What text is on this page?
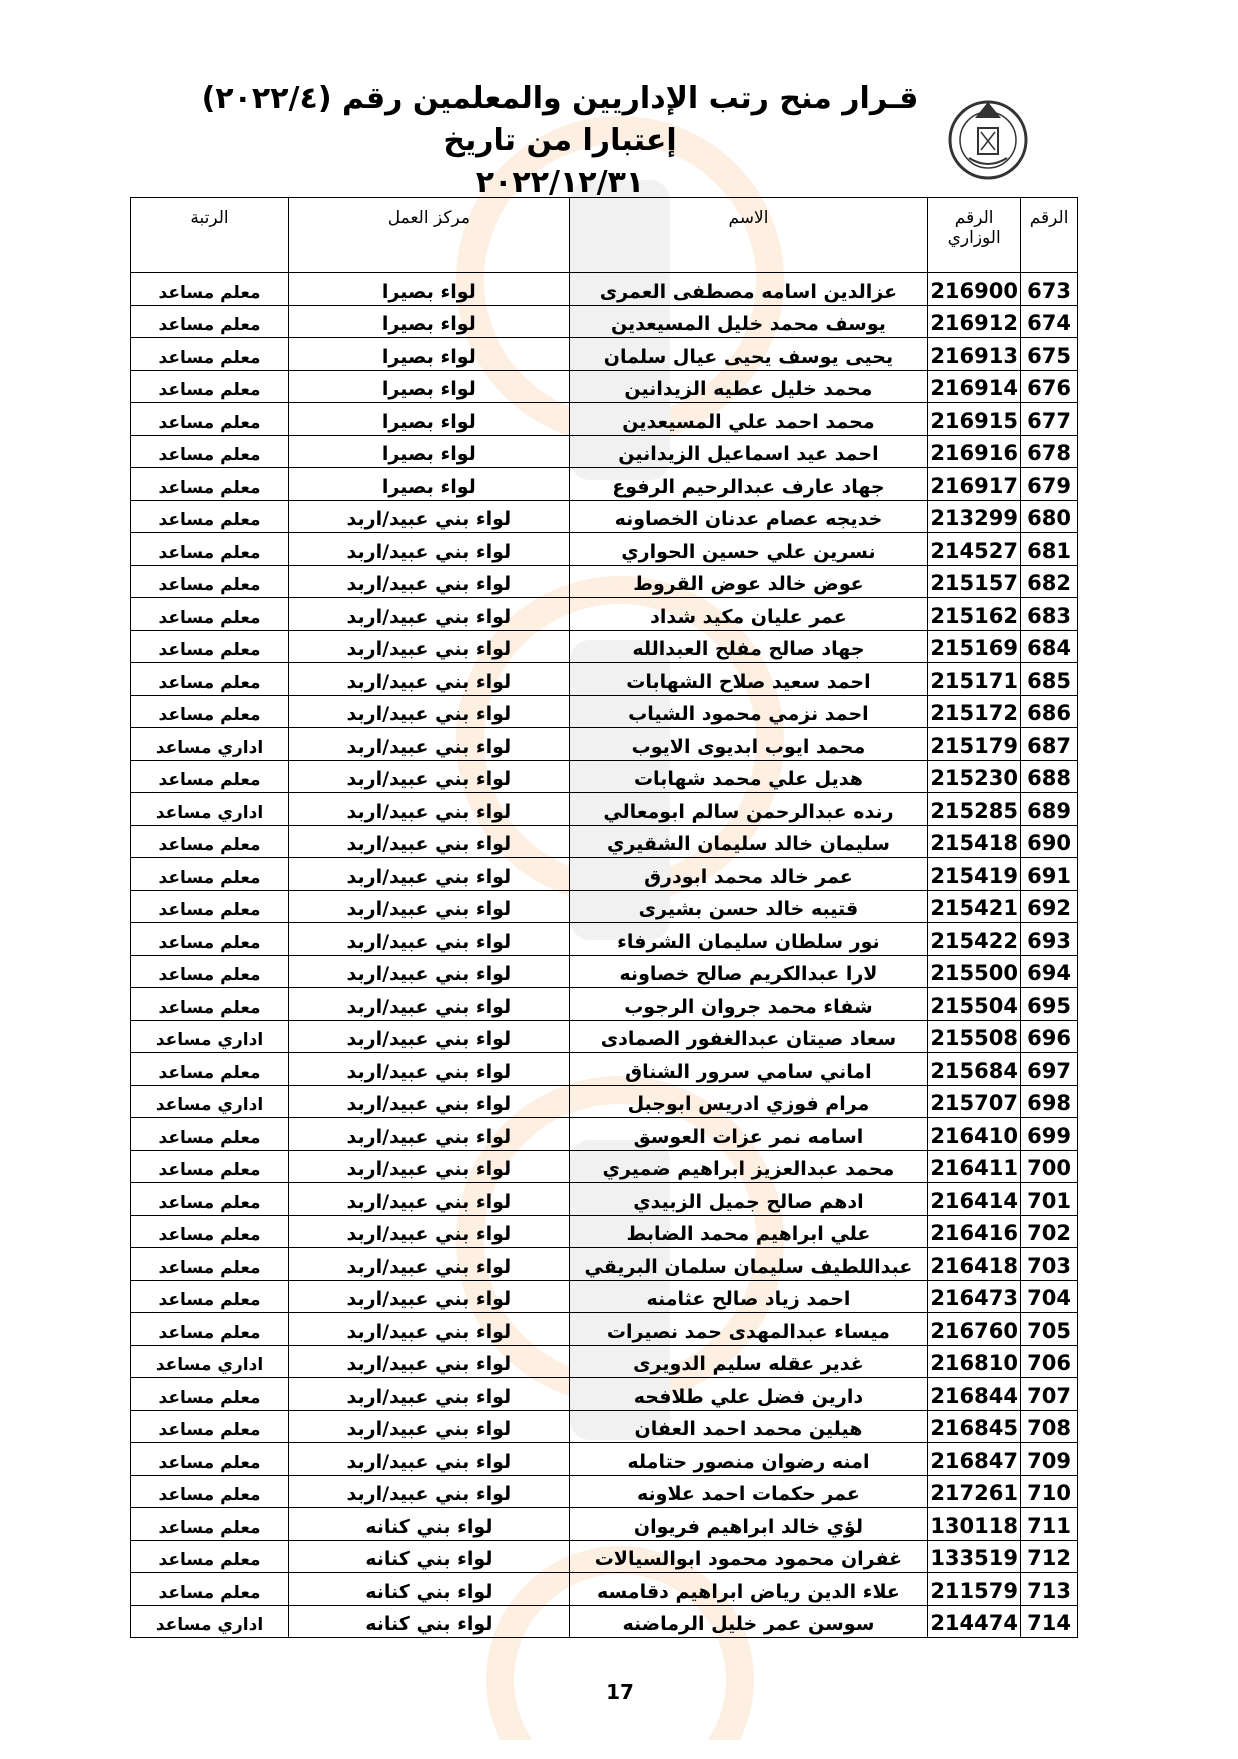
قـرار منح رتب الإداريين والمعلمين رقم (٢٠٢٢/٤) إعتبارا من تاريخ
٢٠٢٢/١٢/٣١
الرقم	الرقم الوزاري	الاسم	مركز العمل	الرتبة
673	216900	عزالدين اسامه مصطفى العمرى	لواء بصيرا	معلم مساعد
674	216912	يوسف محمد خليل المسيعدين	لواء بصيرا	معلم مساعد
675	216913	يحيى يوسف يحيى عيال سلمان	لواء بصيرا	معلم مساعد
676	216914	محمد خليل عطيه الزيدانين	لواء بصيرا	معلم مساعد
677	216915	محمد احمد علي المسيعدين	لواء بصيرا	معلم مساعد
678	216916	احمد عيد اسماعيل الزيدانين	لواء بصيرا	معلم مساعد
679	216917	جهاد عارف عبدالرحيم الرفوع	لواء بصيرا	معلم مساعد
680	213299	خديجه عصام عدنان الخصاونه	لواء بني عبيد/اربد	معلم مساعد
681	214527	نسرين علي حسين الحواري	لواء بني عبيد/اربد	معلم مساعد
682	215157	عوض خالد عوض القروط	لواء بني عبيد/اربد	معلم مساعد
683	215162	عمر عليان مكيد شداد	لواء بني عبيد/اربد	معلم مساعد
684	215169	جهاد صالح مفلح العبدالله	لواء بني عبيد/اربد	معلم مساعد
685	215171	احمد سعيد صلاح الشهابات	لواء بني عبيد/اربد	معلم مساعد
686	215172	احمد نزمي محمود الشياب	لواء بني عبيد/اربد	معلم مساعد
687	215179	محمد ايوب ابديوى الايوب	لواء بني عبيد/اربد	اداري مساعد
688	215230	هديل علي محمد شهابات	لواء بني عبيد/اربد	معلم مساعد
689	215285	رنده عبدالرحمن سالم ابومعالي	لواء بني عبيد/اربد	اداري مساعد
690	215418	سليمان خالد سليمان الشقيري	لواء بني عبيد/اربد	معلم مساعد
691	215419	عمر خالد محمد ابودرق	لواء بني عبيد/اربد	معلم مساعد
692	215421	قتيبه خالد حسن بشيرى	لواء بني عبيد/اربد	معلم مساعد
693	215422	نور سلطان سليمان الشرفاء	لواء بني عبيد/اربد	معلم مساعد
694	215500	لارا عبدالكريم صالح خصاونه	لواء بني عبيد/اربد	معلم مساعد
695	215504	شفاء محمد جروان الرجوب	لواء بني عبيد/اربد	معلم مساعد
696	215508	سعاد صيتان عبدالغفور الصمادى	لواء بني عبيد/اربد	اداري مساعد
697	215684	اماني سامي سرور الشناق	لواء بني عبيد/اربد	معلم مساعد
698	215707	مرام فوزي ادريس ابوجبل	لواء بني عبيد/اربد	اداري مساعد
699	216410	اسامه نمر عزات العوسق	لواء بني عبيد/اربد	معلم مساعد
700	216411	محمد عبدالعزيز ابراهيم ضميري	لواء بني عبيد/اربد	معلم مساعد
701	216414	ادهم صالح جميل الزبيدي	لواء بني عبيد/اربد	معلم مساعد
702	216416	علي ابراهيم محمد الضابط	لواء بني عبيد/اربد	معلم مساعد
703	216418	عبداللطيف سليمان سلمان البريقي	لواء بني عبيد/اربد	معلم مساعد
704	216473	احمد زياد صالح عثامنه	لواء بني عبيد/اربد	معلم مساعد
705	216760	ميساء عبدالمهدى حمد نصيرات	لواء بني عبيد/اربد	معلم مساعد
706	216810	غدير عقله سليم الدويرى	لواء بني عبيد/اربد	اداري مساعد
707	216844	دارين فضل علي طلافحه	لواء بني عبيد/اربد	معلم مساعد
708	216845	هيلين محمد احمد العفان	لواء بني عبيد/اربد	معلم مساعد
709	216847	امنه رضوان منصور حتامله	لواء بني عبيد/اربد	معلم مساعد
710	217261	عمر حكمات احمد علاونه	لواء بني عبيد/اربد	معلم مساعد
711	130118	لؤي خالد ابراهيم فريوان	لواء بني كنانه	معلم مساعد
712	133519	غفران محمود محمود ابوالسيالات	لواء بني كنانه	معلم مساعد
713	211579	علاء الدين رياض ابراهيم دقامسه	لواء بني كنانه	معلم مساعد
714	214474	سوسن عمر خليل الرماضنه	لواء بني كنانه	اداري مساعد
17
